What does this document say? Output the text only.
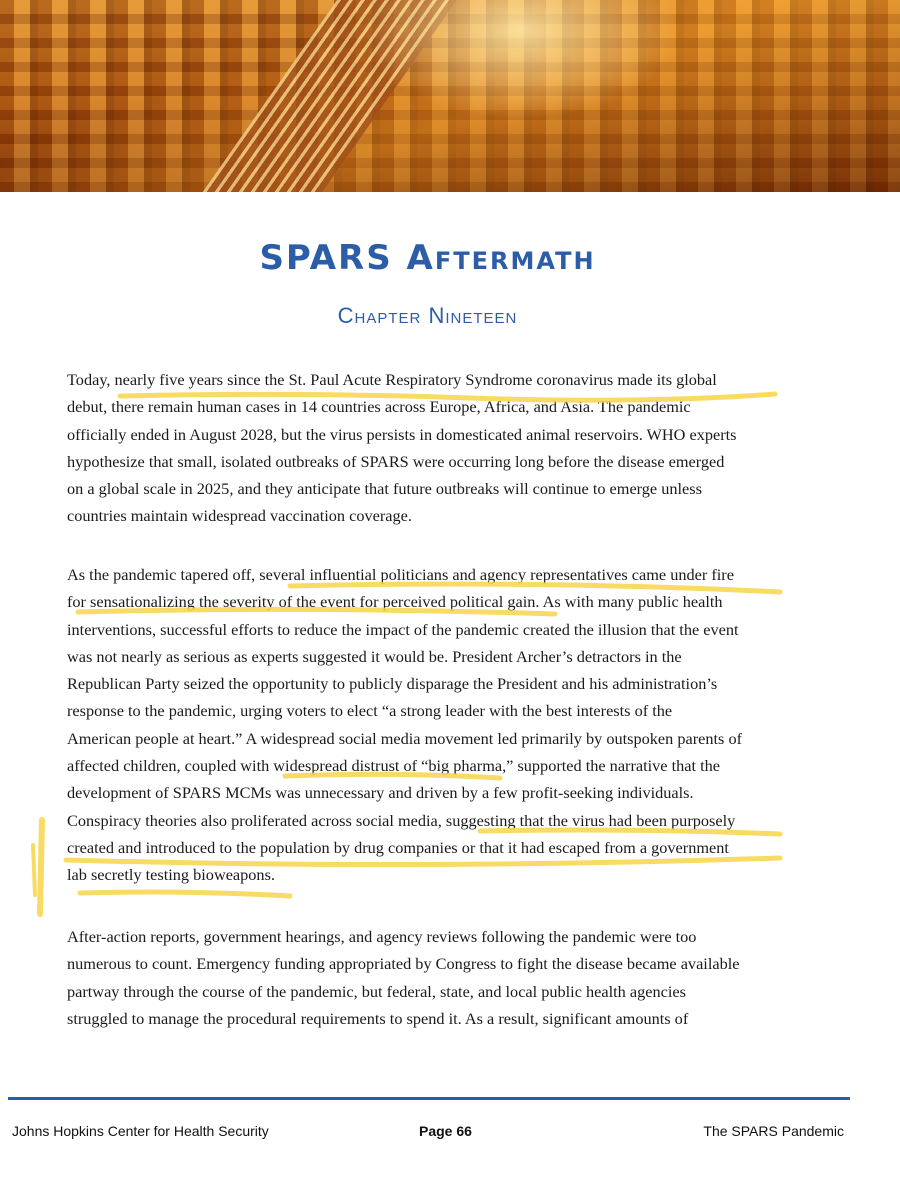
SPARS Aftermath
Chapter Nineteen
Today, nearly five years since the St. Paul Acute Respiratory Syndrome coronavirus made its global
debut, there remain human cases in 14 countries across Europe, Africa, and Asia. The pandemic
officially ended in August 2028, but the virus persists in domesticated animal reservoirs. WHO experts
hypothesize that small, isolated outbreaks of SPARS were occurring long before the disease emerged
on a global scale in 2025, and they anticipate that future outbreaks will continue to emerge unless
countries maintain widespread vaccination coverage.
As the pandemic tapered off, several influential politicians and agency representatives came under fire
for sensationalizing the severity of the event for perceived political gain. As with many public health
interventions, successful efforts to reduce the impact of the pandemic created the illusion that the event
was not nearly as serious as experts suggested it would be. President Archer’s detractors in the
Republican Party seized the opportunity to publicly disparage the President and his administration’s
response to the pandemic, urging voters to elect “a strong leader with the best interests of the
American people at heart.” A widespread social media movement led primarily by outspoken parents of
affected children, coupled with widespread distrust of “big pharma,” supported the narrative that the
development of SPARS MCMs was unnecessary and driven by a few profit-seeking individuals.
Conspiracy theories also proliferated across social media, suggesting that the virus had been purposely
created and introduced to the population by drug companies or that it had escaped from a government
lab secretly testing bioweapons.
After-action reports, government hearings, and agency reviews following the pandemic were too
numerous to count. Emergency funding appropriated by Congress to fight the disease became available
partway through the course of the pandemic, but federal, state, and local public health agencies
struggled to manage the procedural requirements to spend it. As a result, significant amounts of
Johns Hopkins Center for Health Security	Page 66	The SPARS Pandemic
